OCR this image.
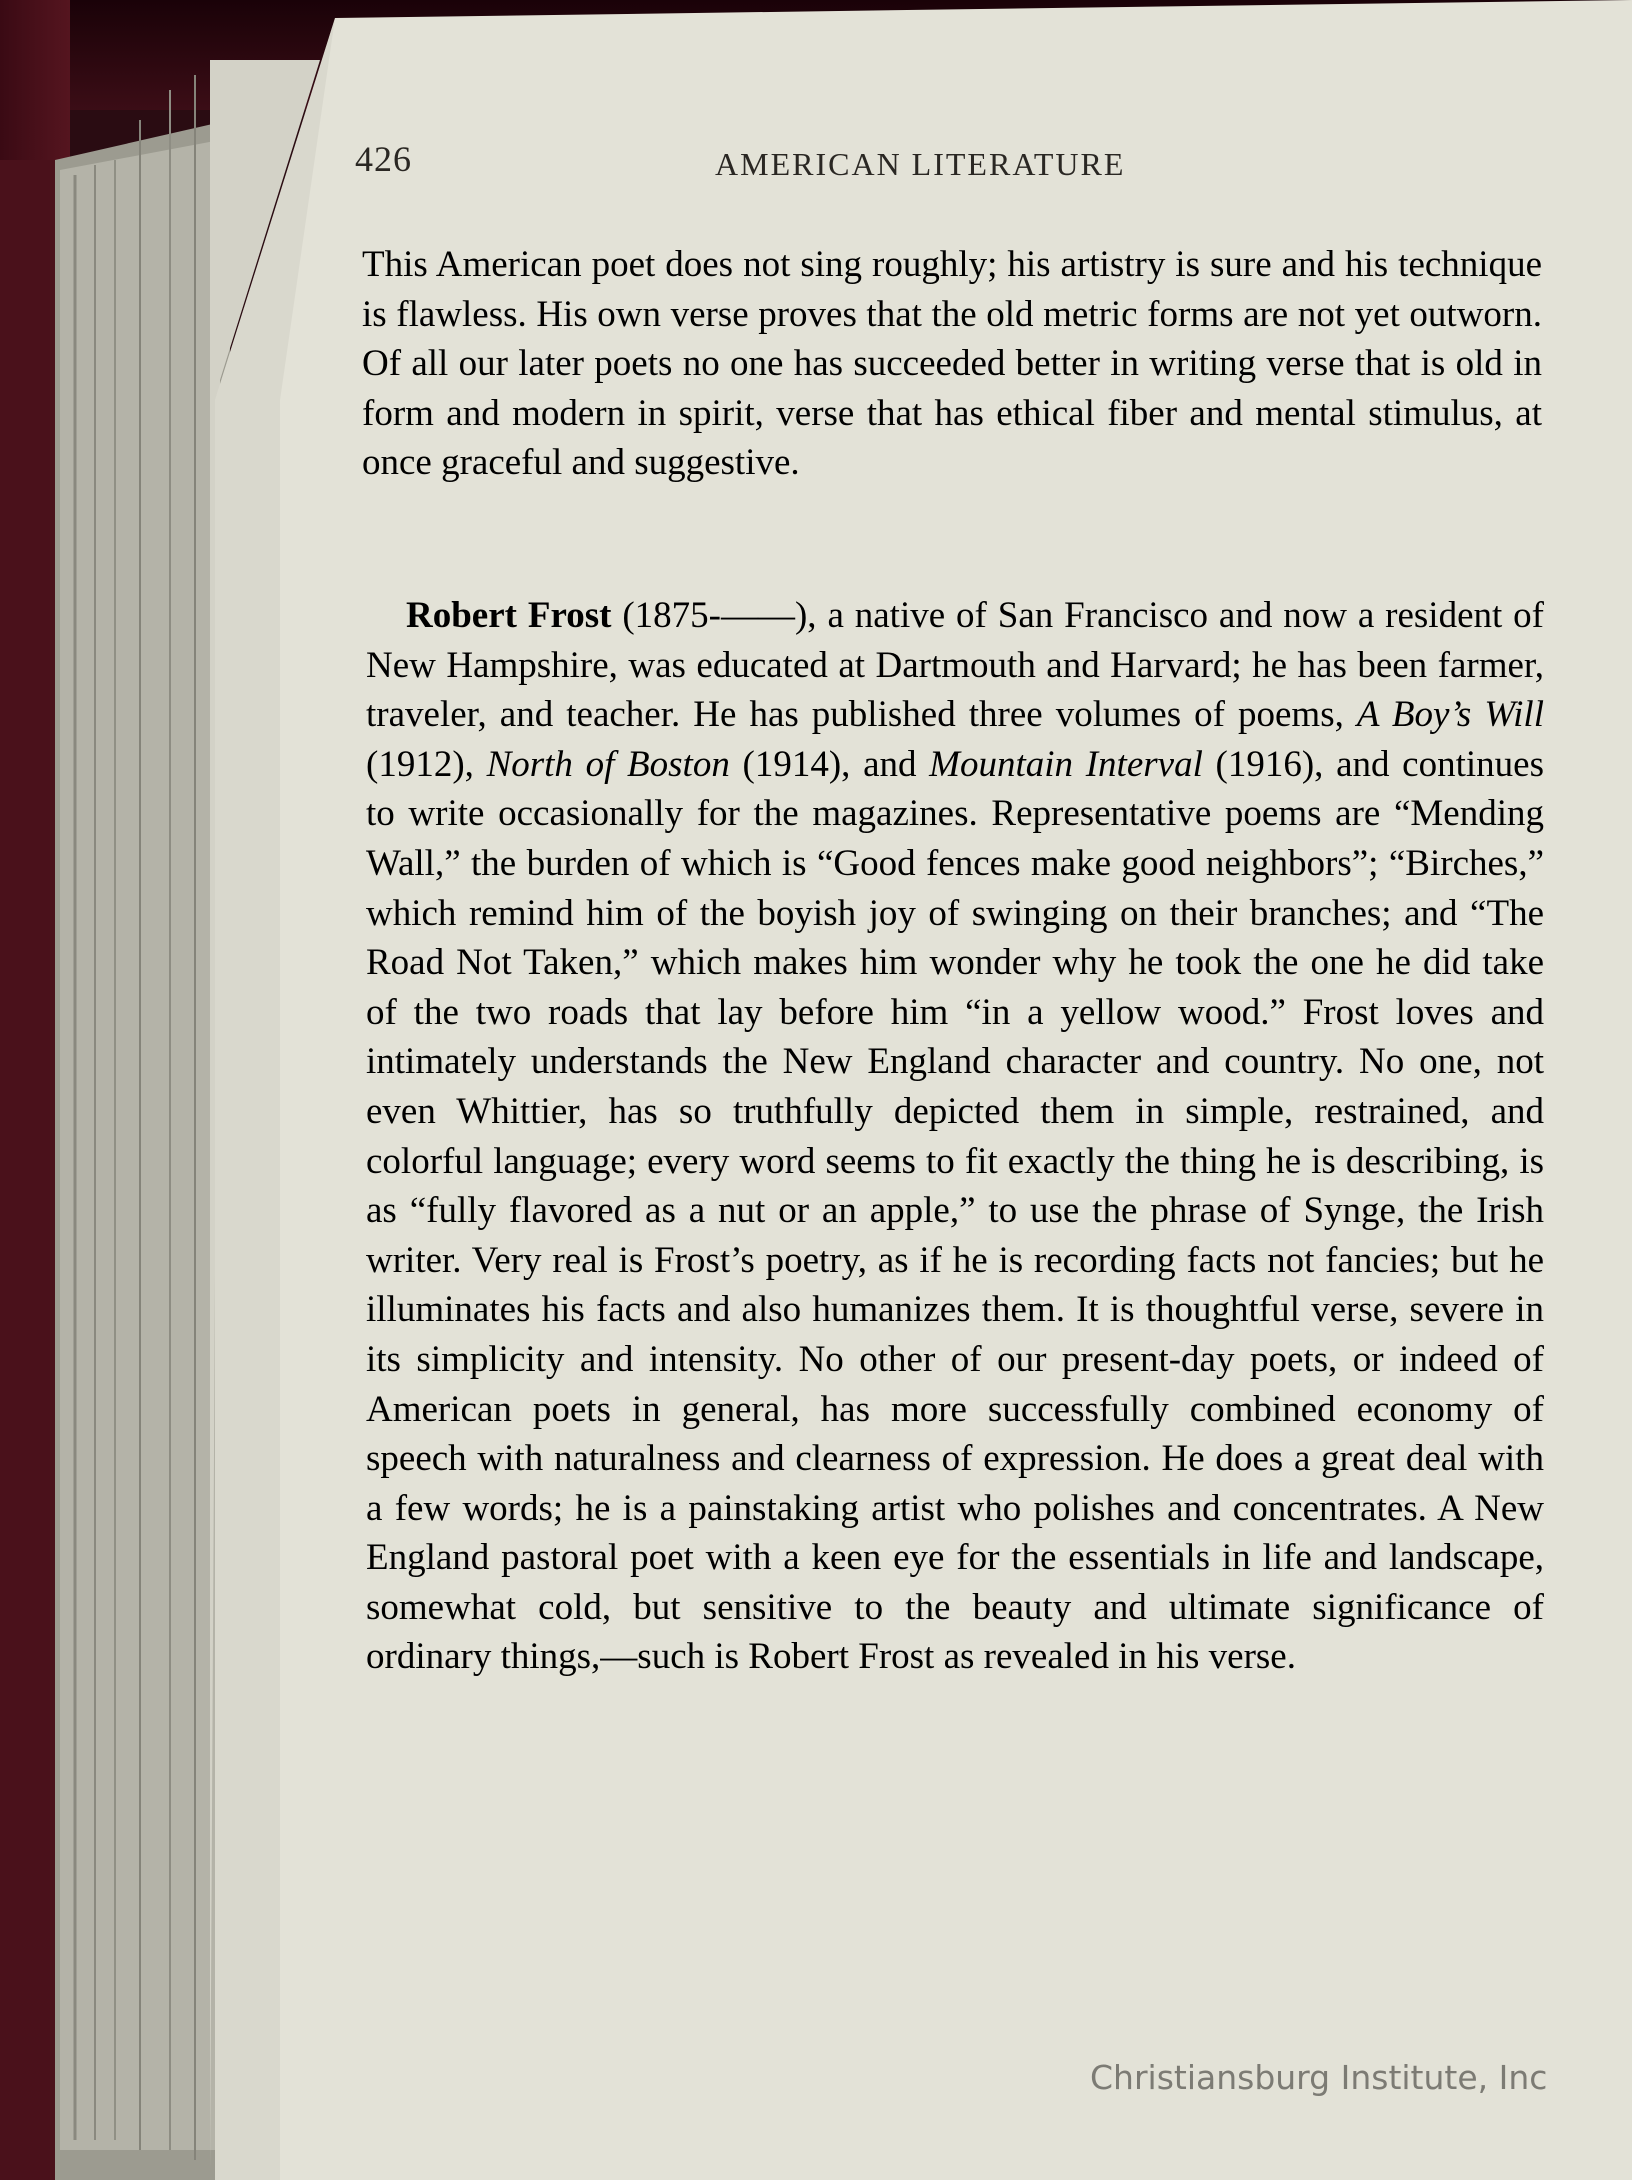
426	AMERICAN LITERATURE

This American poet does not sing roughly; his artistry is sure and his technique is flawless. His own verse proves that the old metric forms are not yet outworn. Of all our later poets no one has succeeded better in writing verse that is old in form and modern in spirit, verse that has ethical fiber and mental stimulus, at once graceful and suggestive.

Robert Frost (1875-——), a native of San Francisco and now a resident of New Hampshire, was educated at Dartmouth and Harvard; he has been farmer, traveler, and teacher. He has published three volumes of poems, A Boy’s Will (1912), North of Boston (1914), and Mountain Interval (1916), and continues to write occasionally for the magazines. Representative poems are “Mending Wall,” the burden of which is “Good fences make good neighbors”; “Birches,” which remind him of the boyish joy of swinging on their branches; and “The Road Not Taken,” which makes him wonder why he took the one he did take of the two roads that lay before him “in a yellow wood.” Frost loves and intimately understands the New England character and country. No one, not even Whittier, has so truthfully depicted them in simple, restrained, and colorful language; every word seems to fit exactly the thing he is describing, is as “fully flavored as a nut or an apple,” to use the phrase of Synge, the Irish writer. Very real is Frost’s poetry, as if he is recording facts not fancies; but he illuminates his facts and also humanizes them. It is thoughtful verse, severe in its simplicity and intensity. No other of our present-day poets, or indeed of American poets in general, has more successfully combined economy of speech with naturalness and clearness of expression. He does a great deal with a few words; he is a painstaking artist who polishes and concentrates. A New England pastoral poet with a keen eye for the essentials in life and landscape, somewhat cold, but sensitive to the beauty and ultimate significance of ordinary things,—such is Robert Frost as revealed in his verse.

Christiansburg Institute, Inc
